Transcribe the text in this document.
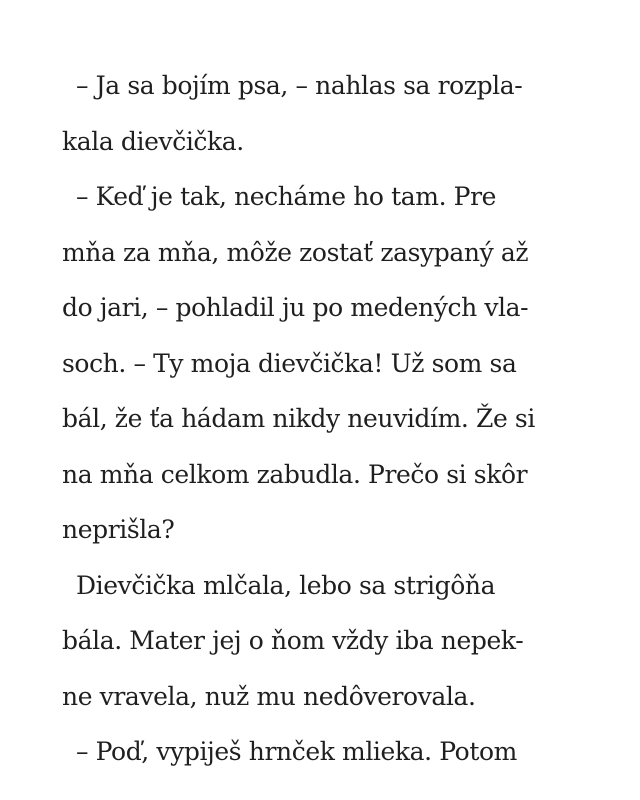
– Ja sa bojím psa, – nahlas sa rozpla-
kala dievčička.
– Keď je tak, necháme ho tam. Pre
mňa za mňa, môže zostať zasypaný až
do jari, – pohladil ju po medených vla-
soch. – Ty moja dievčička! Už som sa
bál, že ťa hádam nikdy neuvidím. Že si
na mňa celkom zabudla. Prečo si skôr
neprišla?
Dievčička mlčala, lebo sa strigôňa
bála. Mater jej o ňom vždy iba nepek-
ne vravela, nuž mu nedôverovala.
– Poď, vypiješ hrnček mlieka. Potom
